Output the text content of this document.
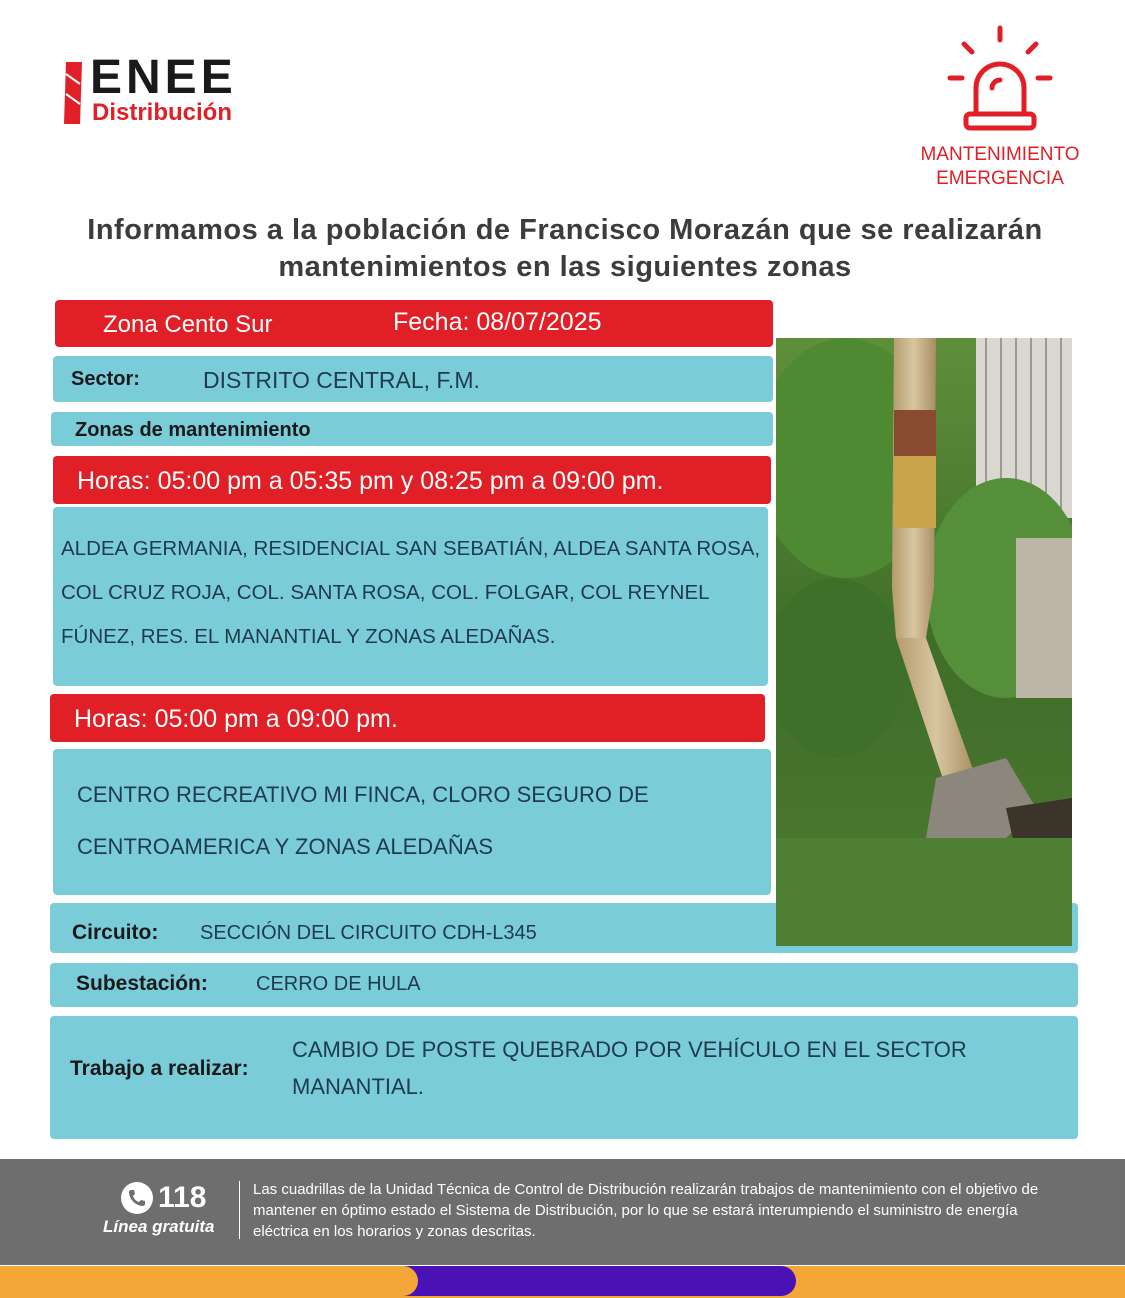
ENEE
Distribución
MANTENIMIENTO
EMERGENCIA
Informamos a la población de Francisco Morazán que se realizarán mantenimientos en las siguientes zonas
Zona Cento Sur	Fecha: 08/07/2025
Sector:	DISTRITO CENTRAL, F.M.
Zonas de mantenimiento
Horas: 05:00 pm a 05:35 pm y 08:25 pm a 09:00 pm.
ALDEA GERMANIA, RESIDENCIAL SAN SEBATIÁN, ALDEA SANTA ROSA, COL CRUZ ROJA, COL. SANTA ROSA, COL. FOLGAR, COL REYNEL FÚNEZ, RES. EL MANANTIAL Y ZONAS ALEDAÑAS.
Horas: 05:00 pm a 09:00 pm.
CENTRO RECREATIVO MI FINCA, CLORO SEGURO DE CENTROAMERICA Y ZONAS ALEDAÑAS
Circuito: SECCIÓN DEL CIRCUITO CDH-L345
Subestación: CERRO DE HULA
Trabajo a realizar:
CAMBIO DE POSTE QUEBRADO POR VEHÍCULO EN EL SECTOR MANANTIAL.
118
Línea gratuita
Las cuadrillas de la Unidad Técnica de Control de Distribución realizarán trabajos de mantenimiento con el objetivo de mantener en óptimo estado el Sistema de Distribución, por lo que se estará interumpiendo el suministro de energía eléctrica en los horarios y zonas descritas.
